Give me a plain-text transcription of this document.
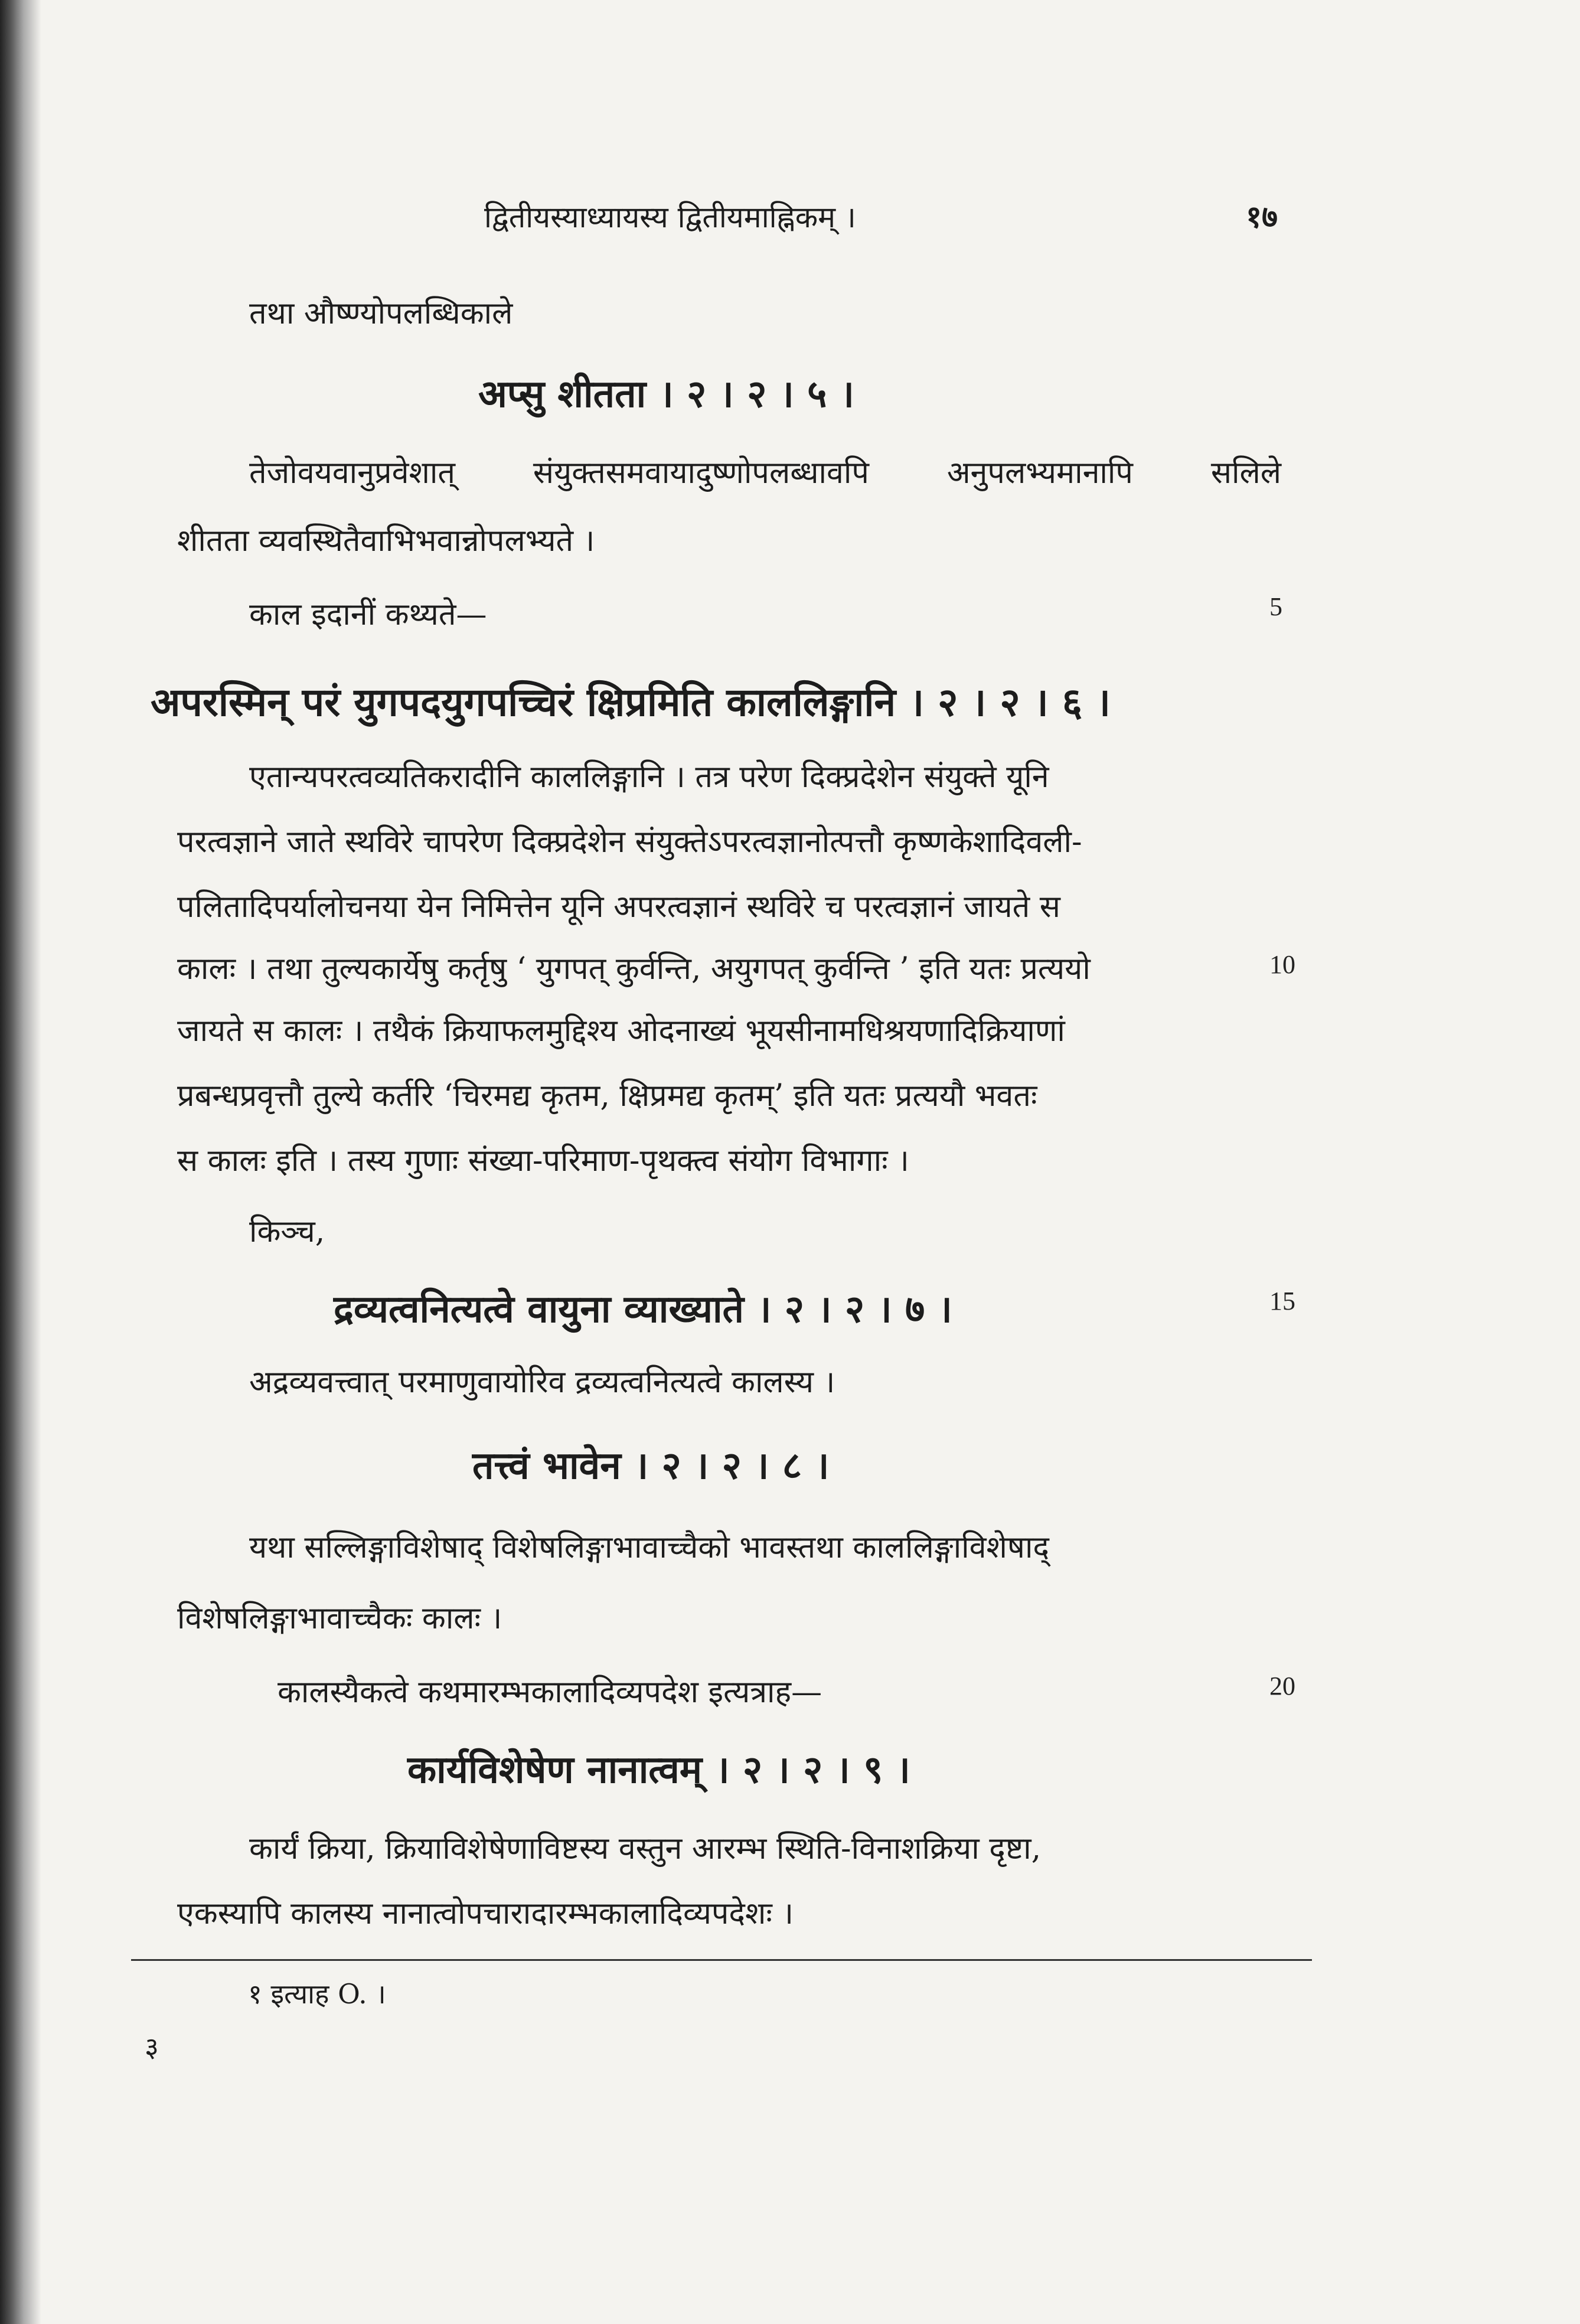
द्वितीयस्याध्यायस्य द्वितीयमाह्निकम् ।	१७
तथा औष्ण्योपलब्धिकाले
अप्सु शीतता । २ । २ । ५ ।
तेजोवयवानुप्रवेशात्	संयुक्तसमवायादुष्णोपलब्धावपि	अनुपलभ्यमानापि	सलिले
शीतता व्यवस्थितैवाभिभवान्नोपलभ्यते ।
काल इदानीं कथ्यते—	5
अपरस्मिन् परं युगपदयुगपच्चिरं क्षिप्रमिति काललिङ्गानि । २ । २ । ६ ।
एतान्यपरत्वव्यतिकरादीनि काललिङ्गानि । तत्र परेण दिक्प्रदेशेन संयुक्ते यूनि
परत्वज्ञाने जाते स्थविरे चापरेण दिक्प्रदेशेन संयुक्तेऽपरत्वज्ञानोत्पत्तौ कृष्णकेशादिवली-
पलितादिपर्यालोचनया येन निमित्तेन यूनि अपरत्वज्ञानं स्थविरे च परत्वज्ञानं जायते स
कालः । तथा तुल्यकार्येषु कर्तृषु ‘ युगपत् कुर्वन्ति, अयुगपत् कुर्वन्ति ’ इति यतः प्रत्ययो	10
जायते स कालः । तथैकं क्रियाफलमुद्दिश्य ओदनाख्यं भूयसीनामधिश्रयणादिक्रियाणां
प्रबन्धप्रवृत्तौ तुल्ये कर्तरि ‘चिरमद्य कृतम, क्षिप्रमद्य कृतम्’ इति यतः प्रत्ययौ भवतः
स कालः इति । तस्य गुणाः संख्या-परिमाण-पृथक्त्व संयोग विभागाः ।
किञ्च,
द्रव्यत्वनित्यत्वे वायुना व्याख्याते । २ । २ । ७ ।	15
अद्रव्यवत्त्वात् परमाणुवायोरिव द्रव्यत्वनित्यत्वे कालस्य ।
तत्त्वं भावेन । २ । २ । ८ ।
यथा सल्लिङ्गाविशेषाद् विशेषलिङ्गाभावाच्चैको भावस्तथा काललिङ्गाविशेषाद्
विशेषलिङ्गाभावाच्चैकः कालः ।
कालस्यैकत्वे कथमारम्भकालादिव्यपदेश इत्यत्राह—	20
कार्यविशेषेण नानात्वम् । २ । २ । ९ ।
कार्यं क्रिया, क्रियाविशेषेणाविष्टस्य वस्तुन आरम्भ स्थिति-विनाशक्रिया दृष्टा,
एकस्यापि कालस्य नानात्वोपचारादारम्भकालादिव्यपदेशः ।
१ इत्याह O. ।
३
